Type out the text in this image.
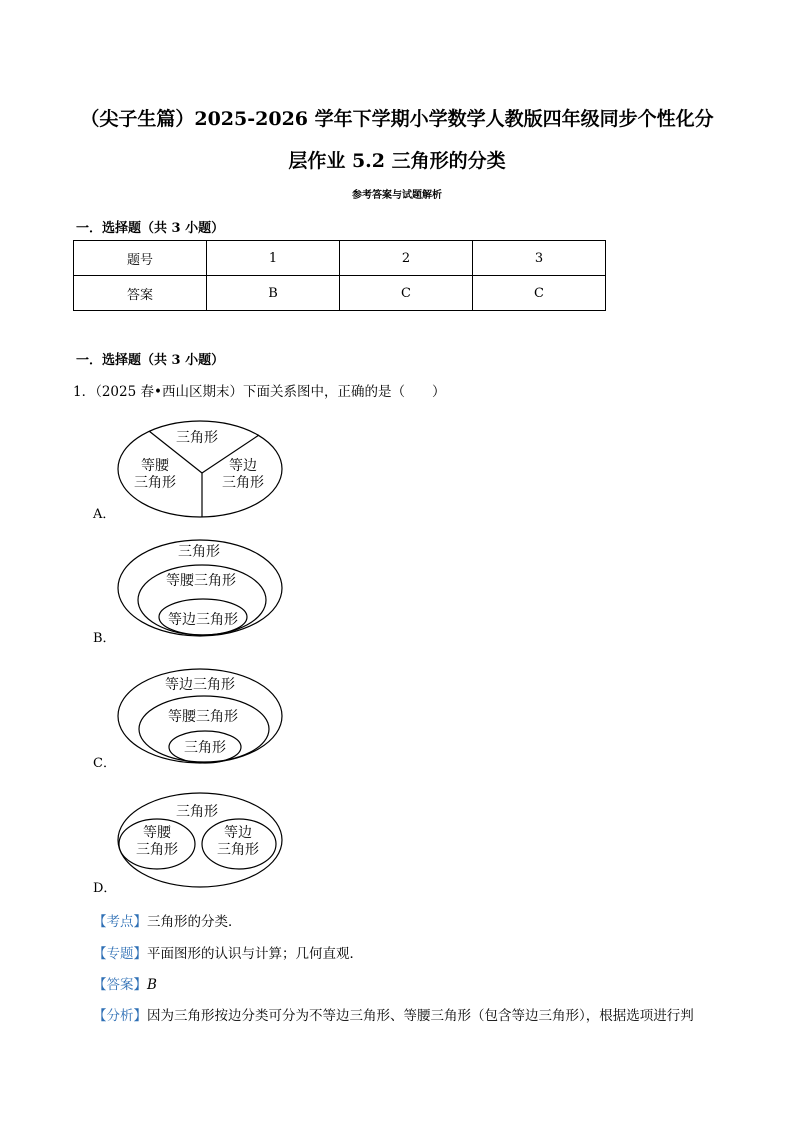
（尖子生篇）2025-2026 学年下学期小学数学人教版四年级同步个性化分
层作业 5.2 三角形的分类
参考答案与试题解析
一．选择题（共 3 小题）
题号	1	2	3
答案	B	C	C
一．选择题（共 3 小题）
1．（2025 春•西山区期末）下面关系图中，正确的是（　　）
三角形
等腰
三角形
等边
三角形
A．
三角形
等腰三角形
等边三角形
B．
等边三角形
等腰三角形
三角形
C．
三角形
等腰
三角形
等边
三角形
D．
【考点】三角形的分类．
【专题】平面图形的认识与计算；几何直观．
【答案】B
【分析】因为三角形按边分类可分为不等边三角形、等腰三角形（包含等边三角形），根据选项进行判
